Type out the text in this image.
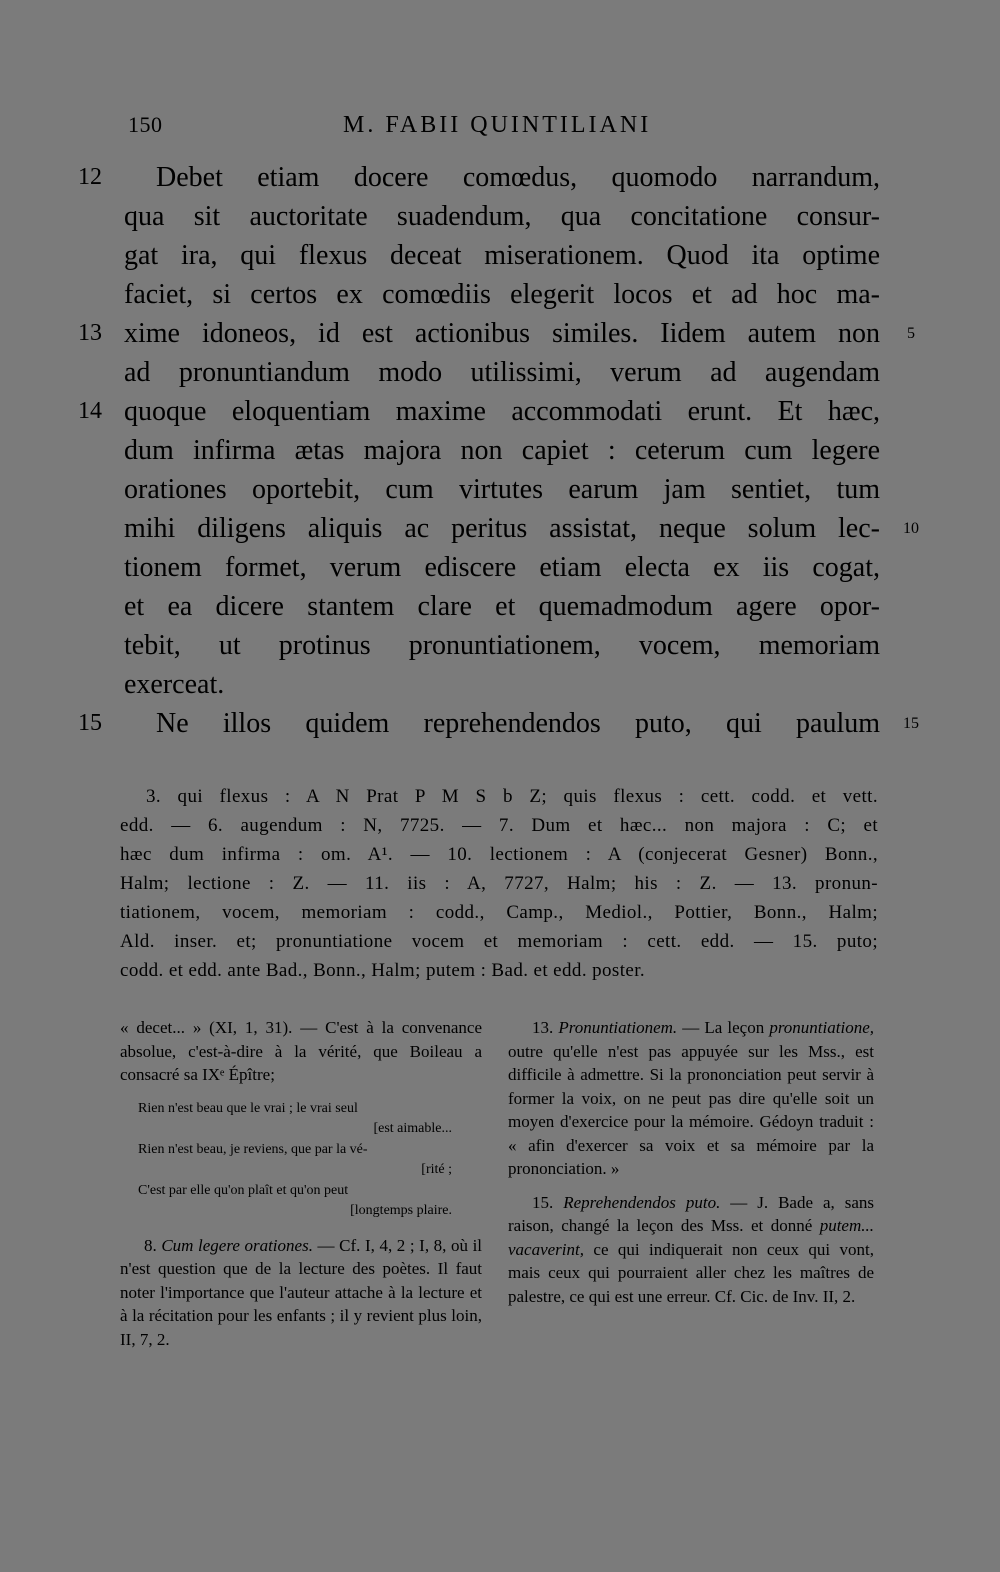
150	M. FABII QUINTILIANI
12	Debet etiam docere comœdus, quomodo narrandum,
qua sit auctoritate suadendum, qua concitatione consur-
gat ira, qui flexus deceat miserationem. Quod ita optime
faciet, si certos ex comœdiis elegerit locos et ad hoc ma-
13 xime idoneos, id est actionibus similes. Iidem autem non	5
ad pronuntiandum modo utilissimi, verum ad augendam
14 quoque eloquentiam maxime accommodati erunt. Et hæc,
dum infirma ætas majora non capiet : ceterum cum legere
orationes oportebit, cum virtutes earum jam sentiet, tum
mihi diligens aliquis ac peritus assistat, neque solum lec-	10
tionem formet, verum ediscere etiam electa ex iis cogat,
et ea dicere stantem clare et quemadmodum agere opor-
tebit, ut protinus pronuntiationem, vocem, memoriam
exerceat.
15	Ne illos quidem reprehendendos puto, qui paulum	15
3. qui flexus : A N Prat P M S b Z; quis flexus : cett. codd. et vett.
edd. — 6. augendum : N, 7725. — 7. Dum et hæc... non majora : C; et
hæc dum infirma : om. A¹. — 10. lectionem : A (conjecerat Gesner) Bonn.,
Halm; lectione : Z. — 11. iis : A, 7727, Halm; his : Z. — 13. pronun-
tiationem, vocem, memoriam : codd., Camp., Mediol., Pottier, Bonn., Halm;
Ald. inser. et; pronuntiatione vocem et memoriam : cett. edd. — 15. puto;
codd. et edd. ante Bad., Bonn., Halm; putem : Bad. et edd. poster.

« decet... » (XI, 1, 31). — C'est à la convenance absolue, c'est-à-dire à la vérité, que Boileau a consacré sa IXᵉ Épître;

Rien n'est beau que le vrai ; le vrai seul
[est aimable...
Rien n'est beau, je reviens, que par la vé-
[rité ;
C'est par elle qu'on plaît et qu'on peut
[longtemps plaire.

8. Cum legere orationes. — Cf. I, 4, 2 ; I, 8, où il n'est question que de la lecture des poètes. Il faut noter l'importance que l'auteur attache à la lecture et à la récitation pour les enfants ; il y revient plus loin, II, 7, 2.

13. Pronuntiationem. — La leçon pronuntiatione, outre qu'elle n'est pas appuyée sur les Mss., est difficile à admettre. Si la prononciation peut servir à former la voix, on ne peut pas dire qu'elle soit un moyen d'exercice pour la mémoire. Gédoyn traduit : « afin d'exercer sa voix et sa mémoire par la prononciation. »

15. Reprehendendos puto. — J. Bade a, sans raison, changé la leçon des Mss. et donné putem... vacaverint, ce qui indiquerait non ceux qui vont, mais ceux qui pourraient aller chez les maîtres de palestre, ce qui est une erreur. Cf. Cic. de Inv. II, 2.
